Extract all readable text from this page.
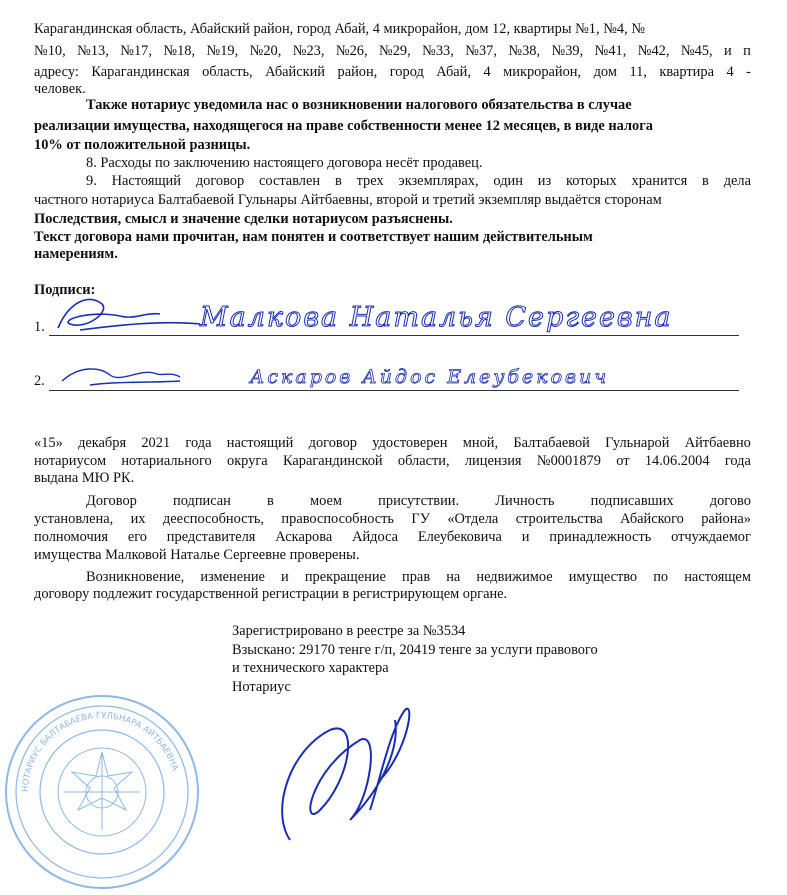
Карагандинская область, Абайский район, город Абай, 4 микрорайон, дом 12, квартиры №1, №4, №
№10, №13, №17, №18, №19, №20, №23, №26, №29, №33, №37, №38, №39, №41, №42, №45, и п
адресу: Карагандинская область, Абайский район, город Абай, 4 микрорайон, дом 11, квартира 4 -
человек.
Также нотариус уведомила нас о возникновении налогового обязательства в случае
реализации имущества, находящегося на праве собственности менее 12 месяцев, в виде налога
10% от положительной разницы.
8. Расходы по заключению настоящего договора несёт продавец.
9. Настоящий договор составлен в трех экземплярах, один из которых хранится в дела
частного нотариуса Балтабаевой Гульнары Айтбаевны, второй и третий экземпляр выдаётся сторонам
Последствия, смысл и значение сделки нотариусом разъяснены.
Текст договора нами прочитан, нам понятен и соответствует нашим действительным
намерениям.
Подписи:
1.	Малкова Наталья Сергеевна
2.	Аскаров Айдос Елеубекович
«15» декабря 2021 года настоящий договор удостоверен мной, Балтабаевой Гульнарой Айтбаевно
нотариусом нотариального округа Карагандинской области, лицензия №0001879 от 14.06.2004 года
выдана МЮ РК.
Договор	подписан	в	моем	присутствии.	Личность	подписавших	догово
установлена, их дееспособность, правоспособность ГУ «Отдела строительства Абайского района»
полномочия его представителя Аскарова Айдоса Елеубековича и принадлежность отчуждаемог
имущества Малковой Наталье Сергеевне проверены.
Возникновение, изменение и прекращение прав на недвижимое имущество по настоящем
договору подлежит государственной регистрации в регистрирующем органе.
Зарегистрировано в реестре за №3534
Взыскано: 29170 тенге г/п, 20419 тенге за услуги правового
и технического характера
Нотариус
НОТАРИУС БАЛТАБАЕВА ГУЛЬНАРА АЙТБАЕВНА
